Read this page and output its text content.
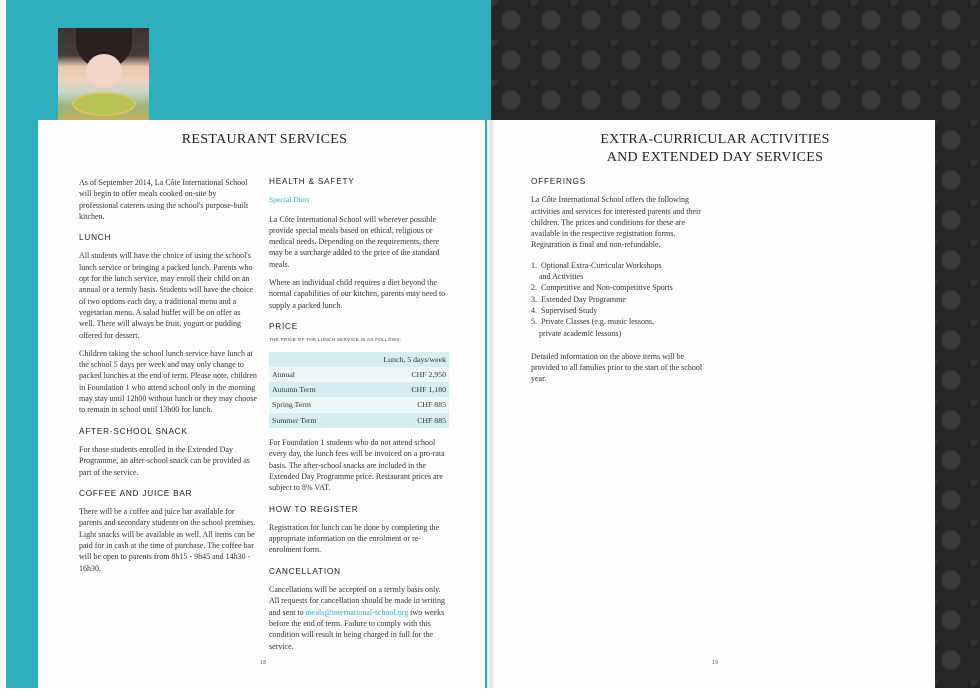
RESTAURANT SERVICES

As of September 2014, La Côte International School will begin to offer meals cooked on-site by professional caterers using the school's purpose-built kitchen.

LUNCH

All students will have the choice of using the school's lunch service or bringing a packed lunch. Parents who opt for the lunch service, may enroll their child on an annual or a termly basis. Students will have the choice of two options each day, a traditional menu and a vegetarian menu. A salad buffet will be on offer as well. There will always be fruit, yogurt or pudding offered for dessert.

Children taking the school lunch service have lunch at the school 5 days per week and may only change to packed lunches at the end of term. Please note, children in Foundation 1 who attend school only in the morning may stay until 12h00 without lunch or they may choose to remain in school until 13h00 for lunch.

AFTER-SCHOOL SNACK

For those students enrolled in the Extended Day Programme, an after-school snack can be provided as part of the service.

COFFEE AND JUICE BAR

There will be a coffee and juice bar available for parents and secondary students on the school premises. Light snacks will be available as well. All items can be paid for in cash at the time of purchase. The coffee bar will be open to parents from 8h15 - 9h45 and 14h30 - 16h30.

HEALTH & SAFETY
Special Diets

La Côte International School will wherever possible provide special meals based on ethical, religious or medical needs. Depending on the requirements, there may be a surcharge added to the price of the standard meals.

Where an individual child requires a diet beyond the normal capabilities of our kitchen, parents may need to supply a packed lunch.

PRICE
THE PRICE OF THE LUNCH SERVICE IS AS FOLLOWS:
	Lunch, 5 days/week
Annual	CHF 2,950
Autumn Term	CHF 1,180
Spring Term	CHF 885
Summer Term	CHF 885

For Foundation 1 students who do not attend school every day, the lunch fees will be invoiced on a pro-rata basis. The after-school snacks are included in the Extended Day Programme price. Restaurant prices are subject to 8% VAT.

HOW TO REGISTER

Registration for lunch can be done by completing the appropriate information on the enrolment or re-enrolment form.

CANCELLATION

Cancellations will be accepted on a termly basis only. All requests for cancellation should be made in writing and sent to meals@international-school.org two weeks before the end of term. Failure to comply with this condition will result in being charged in full for the service.

18
EXTRA-CURRICULAR ACTIVITIES
AND EXTENDED DAY SERVICES
OFFERINGS

La Côte International School offers the following activities and services for interested parents and their children. The prices and conditions for these are available in the respective registration forms. Registration is final and non-refundable.

1. Optional Extra-Curricular Workshops
and Activities
2. Competitive and Non-competitive Sports
3. Extended Day Programme
4. Supervised Study
5. Private Classes (e.g. music lessons,
private academic lessons)

Detailed information on the above items will be provided to all families prior to the start of the school year.

19
